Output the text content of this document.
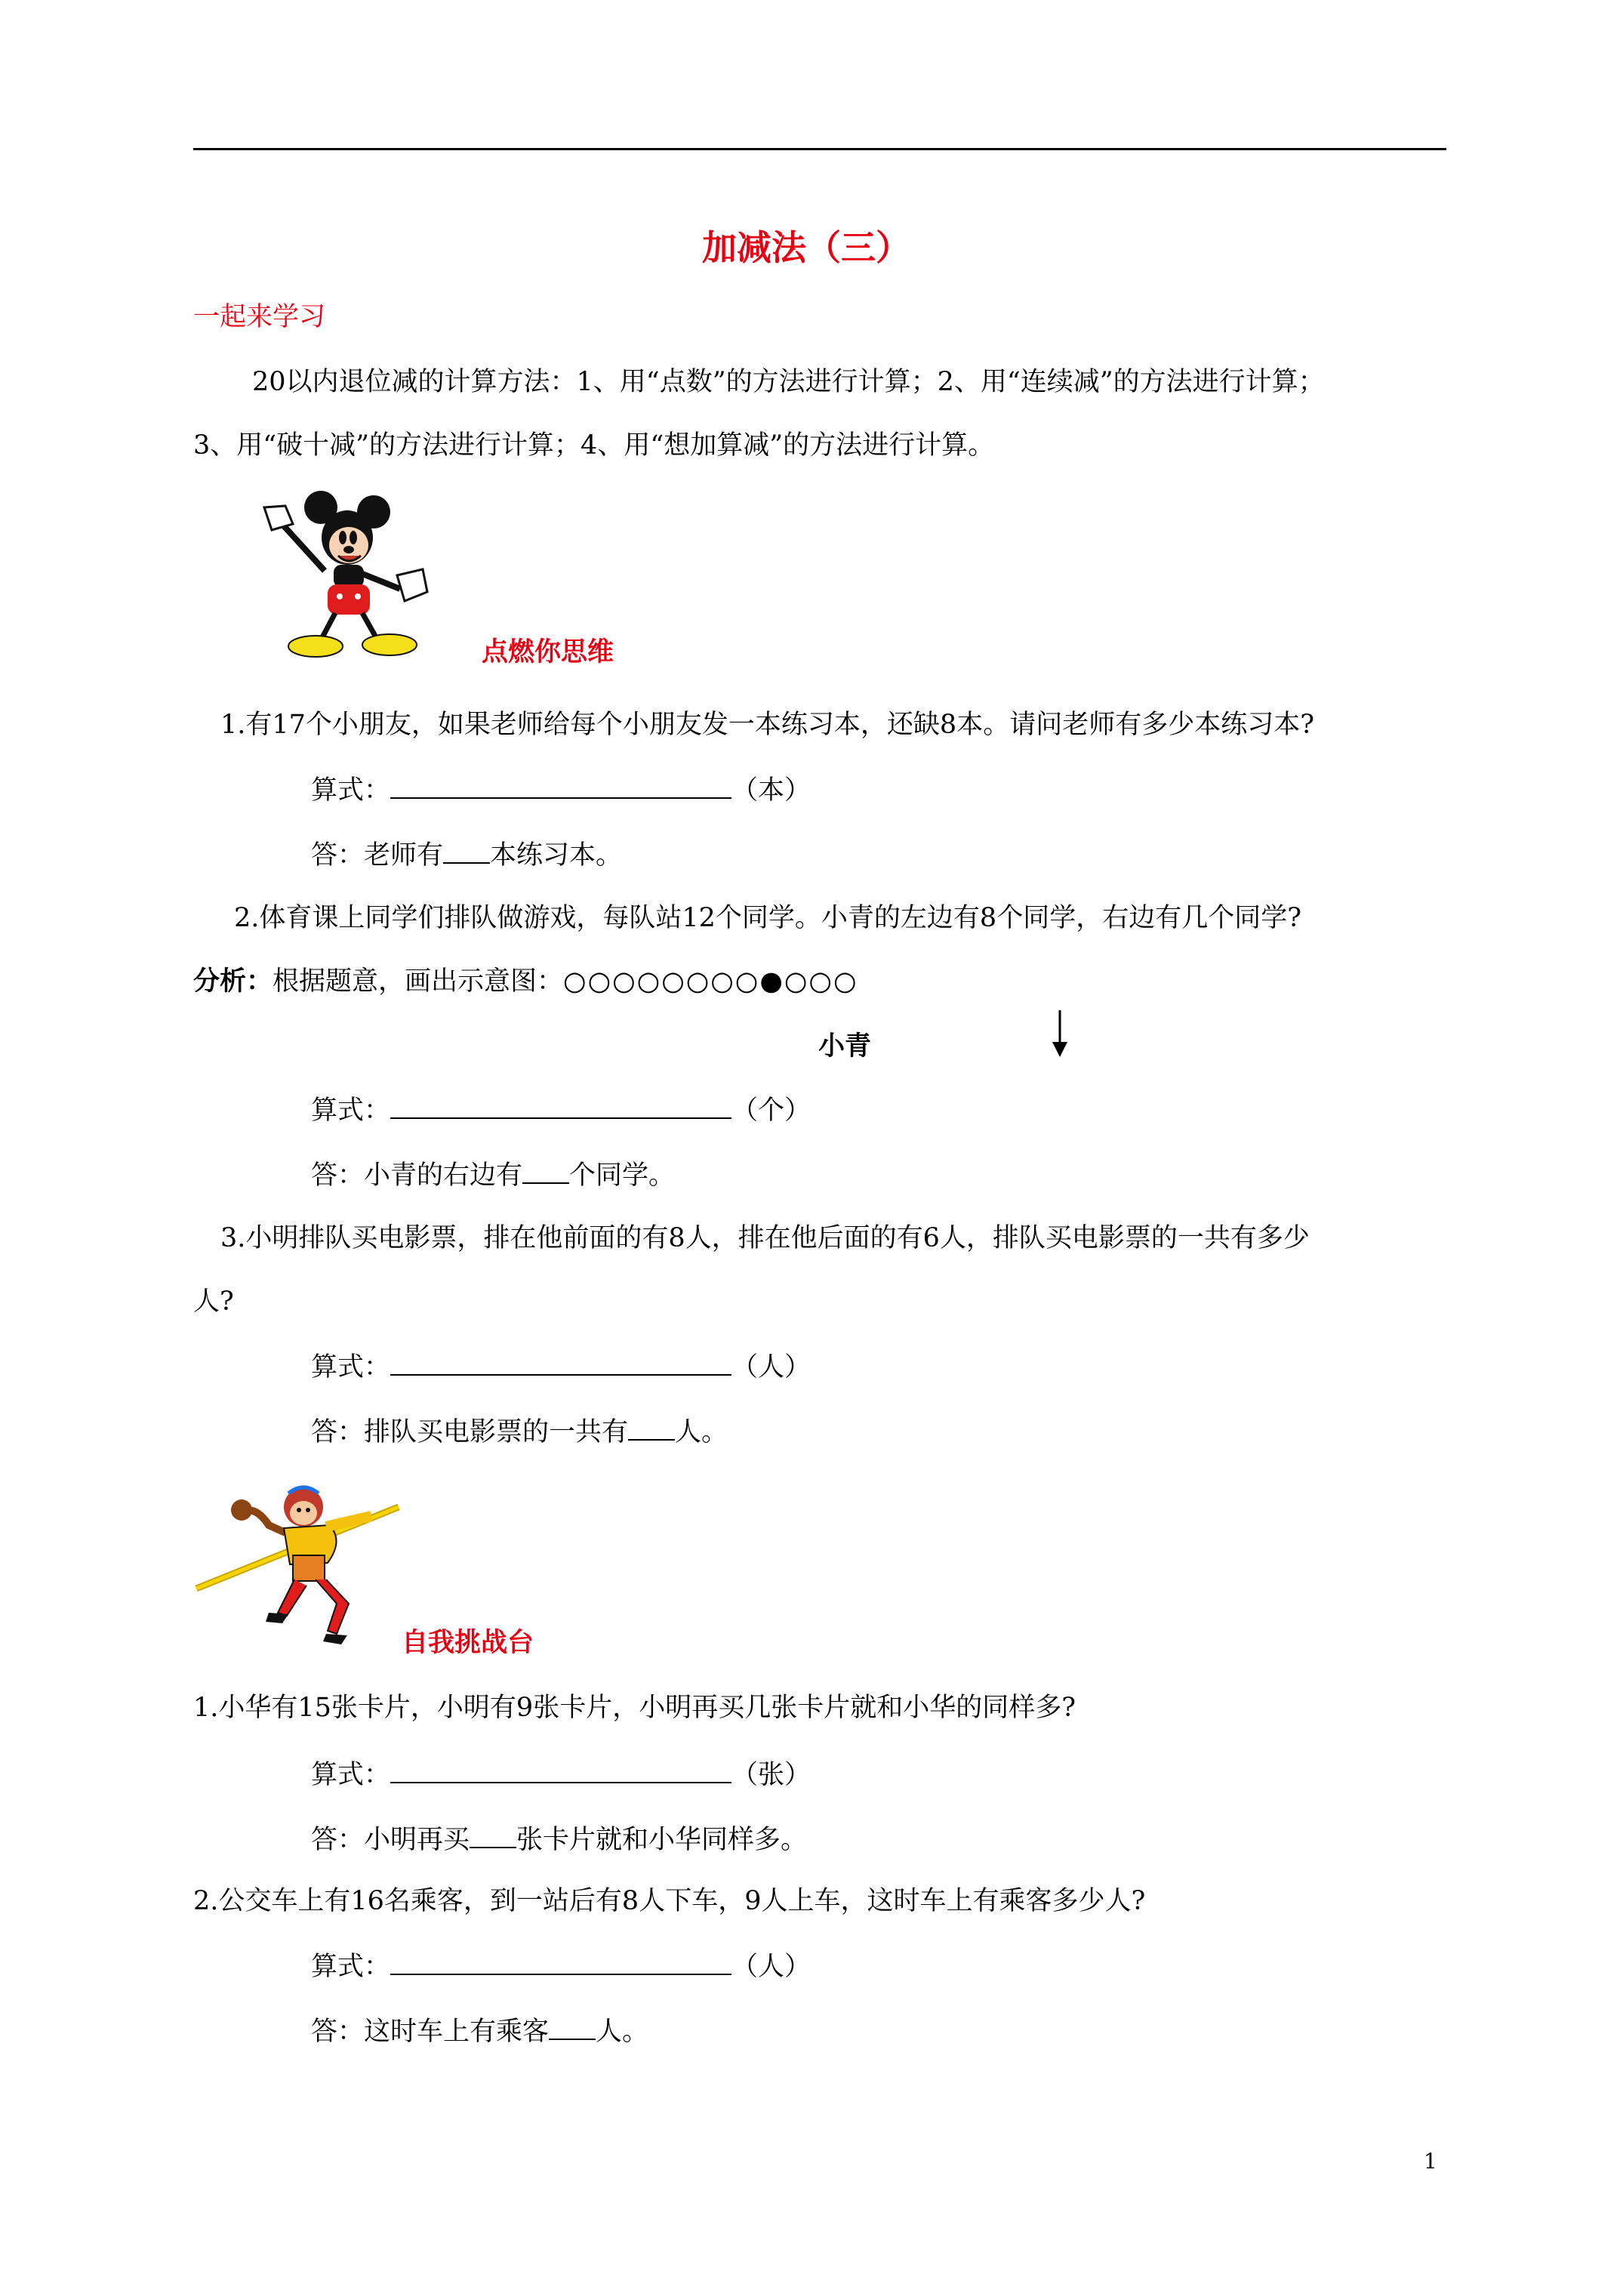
加减法（三）
一起来学习
20以内退位减的计算方法：1、用“点数”的方法进行计算；2、用“连续减”的方法进行计算；
3、用“破十减”的方法进行计算；4、用“想加算减”的方法进行计算。
点燃你思维
1.有17个小朋友，如果老师给每个小朋友发一本练习本，还缺8本。请问老师有多少本练习本?
算式：	（本）
答：老师有 本练习本。
2.体育课上同学们排队做游戏，每队站12个同学。小青的左边有8个同学，右边有几个同学?
分析：根据题意，画出示意图：○○○○○○○○●○○○
小青
算式：	（个）
答：小青的右边有 个同学。
3.小明排队买电影票，排在他前面的有8人，排在他后面的有6人，排队买电影票的一共有多少
人?
算式：	（人）
答：排队买电影票的一共有 人。
自我挑战台
1.小华有15张卡片，小明有9张卡片，小明再买几张卡片就和小华的同样多?
算式：	（张）
答：小明再买 张卡片就和小华同样多。
2.公交车上有16名乘客，到一站后有8人下车，9人上车，这时车上有乘客多少人?
算式：	（人）
答：这时车上有乘客 人。
1
